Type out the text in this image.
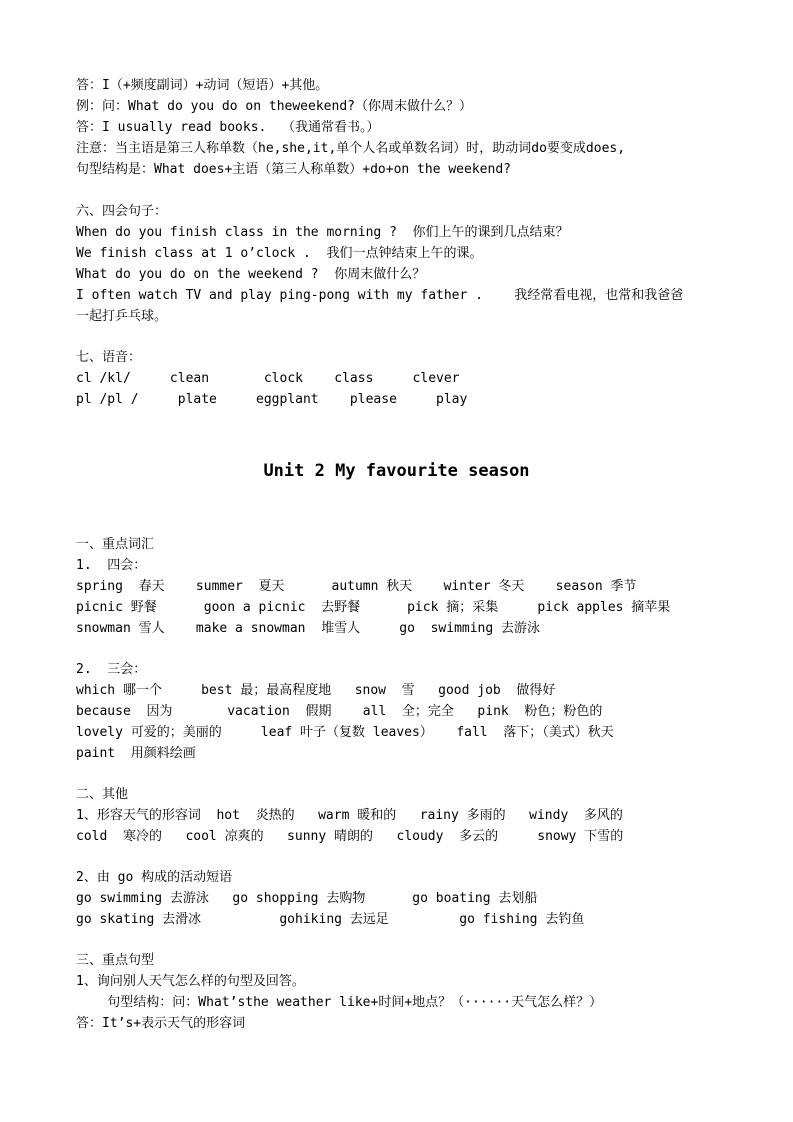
答：I（+频度副词）+动词（短语）+其他。
例：问：What do you do on theweekend?（你周末做什么？）
答：I usually read books.  （我通常看书。）
注意：当主语是第三人称单数（he,she,it,单个人名或单数名词）时，助动词do要变成does,
句型结构是：What does+主语（第三人称单数）+do+on the weekend?
六、四会句子：
When do you finish class in the morning ?  你们上午的课到几点结束？
We finish class at 1 o’clock .  我们一点钟结束上午的课。
What do you do on the weekend ?  你周末做什么？
I often watch TV and play ping-pong with my father .    我经常看电视，也常和我爸爸
一起打乒乓球。
七、语音：
cl /kl/     clean       clock    class     clever
pl /pl /     plate     eggplant    please     play
Unit 2 My favourite season
一、重点词汇
1.  四会：
spring  春天    summer  夏天      autumn 秋天    winter 冬天    season 季节
picnic 野餐      goon a picnic  去野餐      pick 摘；采集     pick apples 摘苹果
snowman 雪人    make a snowman  堆雪人     go  swimming 去游泳
2.  三会：
which 哪一个     best 最；最高程度地   snow  雪   good job  做得好
because  因为       vacation  假期    all  全；完全   pink  粉色；粉色的
lovely 可爱的；美丽的     leaf 叶子（复数 leaves）   fall  落下；（美式）秋天
paint  用颜料绘画
二、其他
1、形容天气的形容词  hot  炎热的   warm 暖和的   rainy 多雨的   windy  多风的
cold  寒冷的   cool 凉爽的   sunny 晴朗的   cloudy  多云的     snowy 下雪的
2、由 go 构成的活动短语
go swimming 去游泳   go shopping 去购物      go boating 去划船
go skating 去滑冰          gohiking 去远足         go fishing 去钓鱼
三、重点句型
1、询问别人天气怎么样的句型及回答。
句型结构：问：What’sthe weather like+时间+地点？（······天气怎么样？）
答：It’s+表示天气的形容词
